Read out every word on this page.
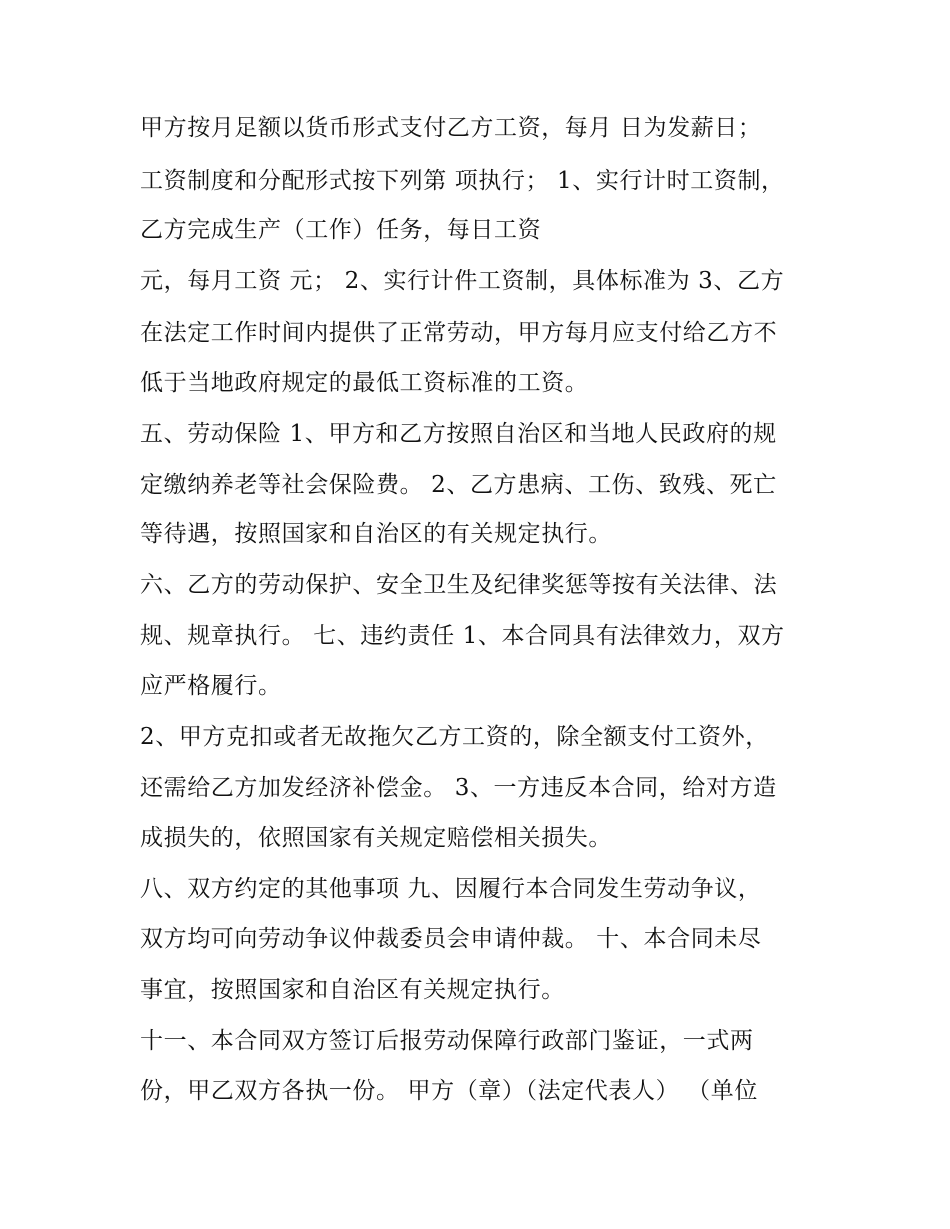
甲方按月足额以货币形式支付乙方工资，每月 日为发薪日；
工资制度和分配形式按下列第 项执行； 1、实行计时工资制，
乙方完成生产（工作）任务，每日工资
元，每月工资 元； 2、实行计件工资制，具体标准为 3、乙方
在法定工作时间内提供了正常劳动，甲方每月应支付给乙方不
低于当地政府规定的最低工资标准的工资。
五、劳动保险 1、甲方和乙方按照自治区和当地人民政府的规
定缴纳养老等社会保险费。 2、乙方患病、工伤、致残、死亡
等待遇，按照国家和自治区的有关规定执行。
六、乙方的劳动保护、安全卫生及纪律奖惩等按有关法律、法
规、规章执行。 七、违约责任 1、本合同具有法律效力，双方
应严格履行。
2、甲方克扣或者无故拖欠乙方工资的，除全额支付工资外，
还需给乙方加发经济补偿金。 3、一方违反本合同，给对方造
成损失的，依照国家有关规定赔偿相关损失。
八、双方约定的其他事项 九、因履行本合同发生劳动争议，
双方均可向劳动争议仲裁委员会申请仲裁。 十、本合同未尽
事宜，按照国家和自治区有关规定执行。
十一、本合同双方签订后报劳动保障行政部门鉴证，一式两
份，甲乙双方各执一份。 甲方（章）（法定代表人） （单位
